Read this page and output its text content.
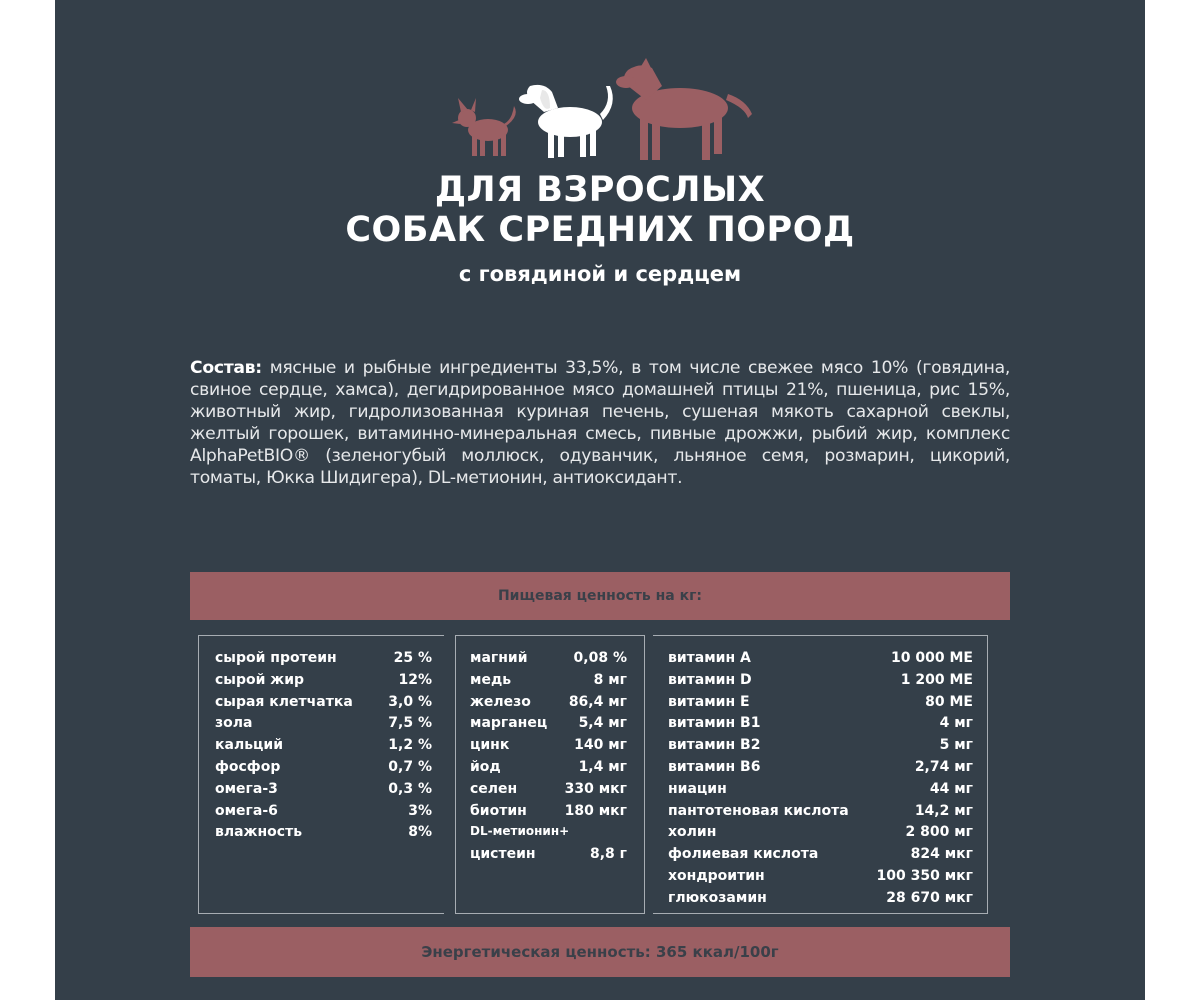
ДЛЯ ВЗРОСЛЫХ
СОБАК СРЕДНИХ ПОРОД
с говядиной и сердцем
Состав: мясные и рыбные ингредиенты 33,5%, в том числе свежее мясо 10% (говядина, свиное сердце, хамса), дегидрированное мясо домашней птицы 21%, пшеница, рис 15%, животный жир, гидролизованная куриная печень, сушеная мякоть сахарной свеклы, желтый горошек, витаминно-минеральная смесь, пивные дрожжи, рыбий жир, комплекс AlphaPetBIO® (зеленогубый моллюск, одуванчик, льняное семя, розмарин, цикорий, томаты, Юкка Шидигера), DL-метионин, антиоксидант.
Пищевая ценность на кг:
сырой протеин	25 %
сырой жир	12%
сырая клетчатка	3,0 %
зола	7,5 %
кальций	1,2 %
фосфор	0,7 %
омега-3	0,3 %
омега-6	3%
влажность	8%
магний	0,08 %
медь	8 мг
железо	86,4 мг
марганец 5,4 мг
цинк	140 мг
йод	1,4 мг
селен	330 мкг
биотин	180 мкг
DL-метионин+
цистеин	8,8 г
витамин А	10 000 МЕ
витамин D	1 200 МЕ
витамин Е	80 МЕ
витамин В1	4 мг
витамин В2	5 мг
витамин В6	2,74 мг
ниацин	44 мг
пантотеновая кислота	14,2 мг
холин	2 800 мг
фолиевая кислота	824 мкг
хондроитин	100 350 мкг
глюкозамин	28 670 мкг
Энергетическая ценность: 365 ккал/100г
